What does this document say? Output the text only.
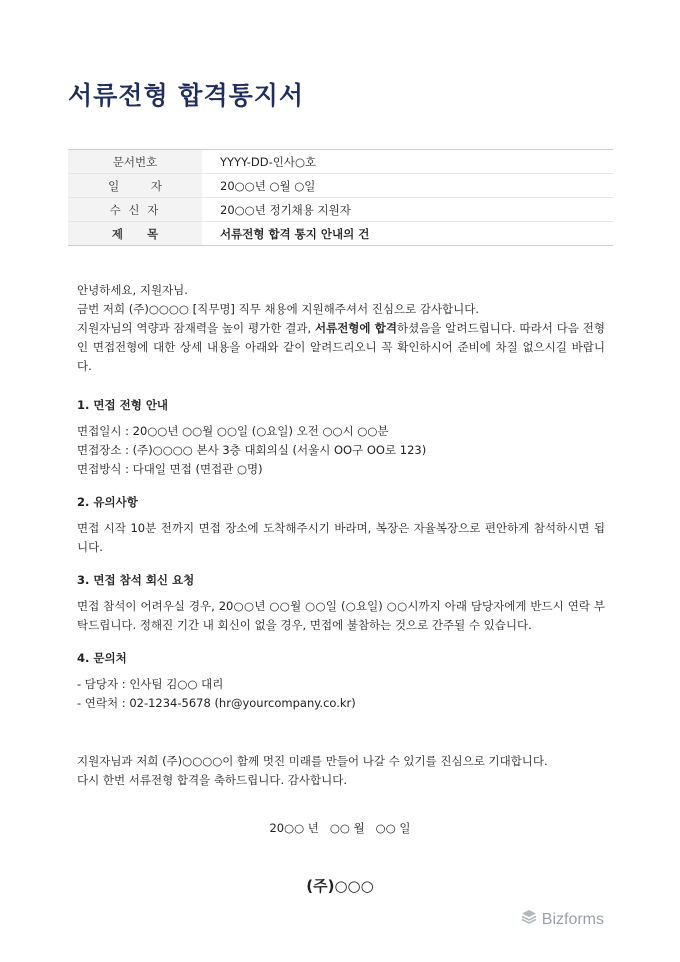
서류전형 합격통지서
문서번호	YYYY-DD-인사○호
일 자	20○○년 ○월 ○일
수 신 자	20○○년 정기채용 지원자
제 목	서류전형 합격 통지 안내의 건

안녕하세요, 지원자님.

금번 저희 (주)○○○○ [직무명] 직무 채용에 지원해주셔서 진심으로 감사합니다.

지원자님의 역량과 잠재력을 높이 평가한 결과, 서류전형에 합격하셨음을 알려드립니다. 따라서 다음 전형인 면접전형에 대한 상세 내용을 아래와 같이 알려드리오니 꼭 확인하시어 준비에 차질 없으시길 바랍니다.

1. 면접 전형 안내

면접일시 : 20○○년 ○○월 ○○일 (○요일) 오전 ○○시 ○○분

면접장소 : (주)○○○○ 본사 3층 대회의실 (서울시 OO구 OO로 123)

면접방식 : 다대일 면접 (면접관 ○명)

2. 유의사항

면접 시작 10분 전까지 면접 장소에 도착해주시기 바라며, 복장은 자율복장으로 편안하게 참석하시면 됩니다.

3. 면접 참석 회신 요청

면접 참석이 어려우실 경우, 20○○년 ○○월 ○○일 (○요일) ○○시까지 아래 담당자에게 반드시 연락 부탁드립니다. 정해진 기간 내 회신이 없을 경우, 면접에 불참하는 것으로 간주될 수 있습니다.

4. 문의처

- 담당자 : 인사팀 김○○ 대리

- 연락처 : 02-1234-5678 (hr@yourcompany.co.kr)

지원자님과 저희 (주)○○○○이 함께 멋진 미래를 만들어 나갈 수 있기를 진심으로 기대합니다.

다시 한번 서류전형 합격을 축하드립니다. 감사합니다.

20○○ 년   ○○ 월   ○○ 일
(주)○○○
Bizforms
